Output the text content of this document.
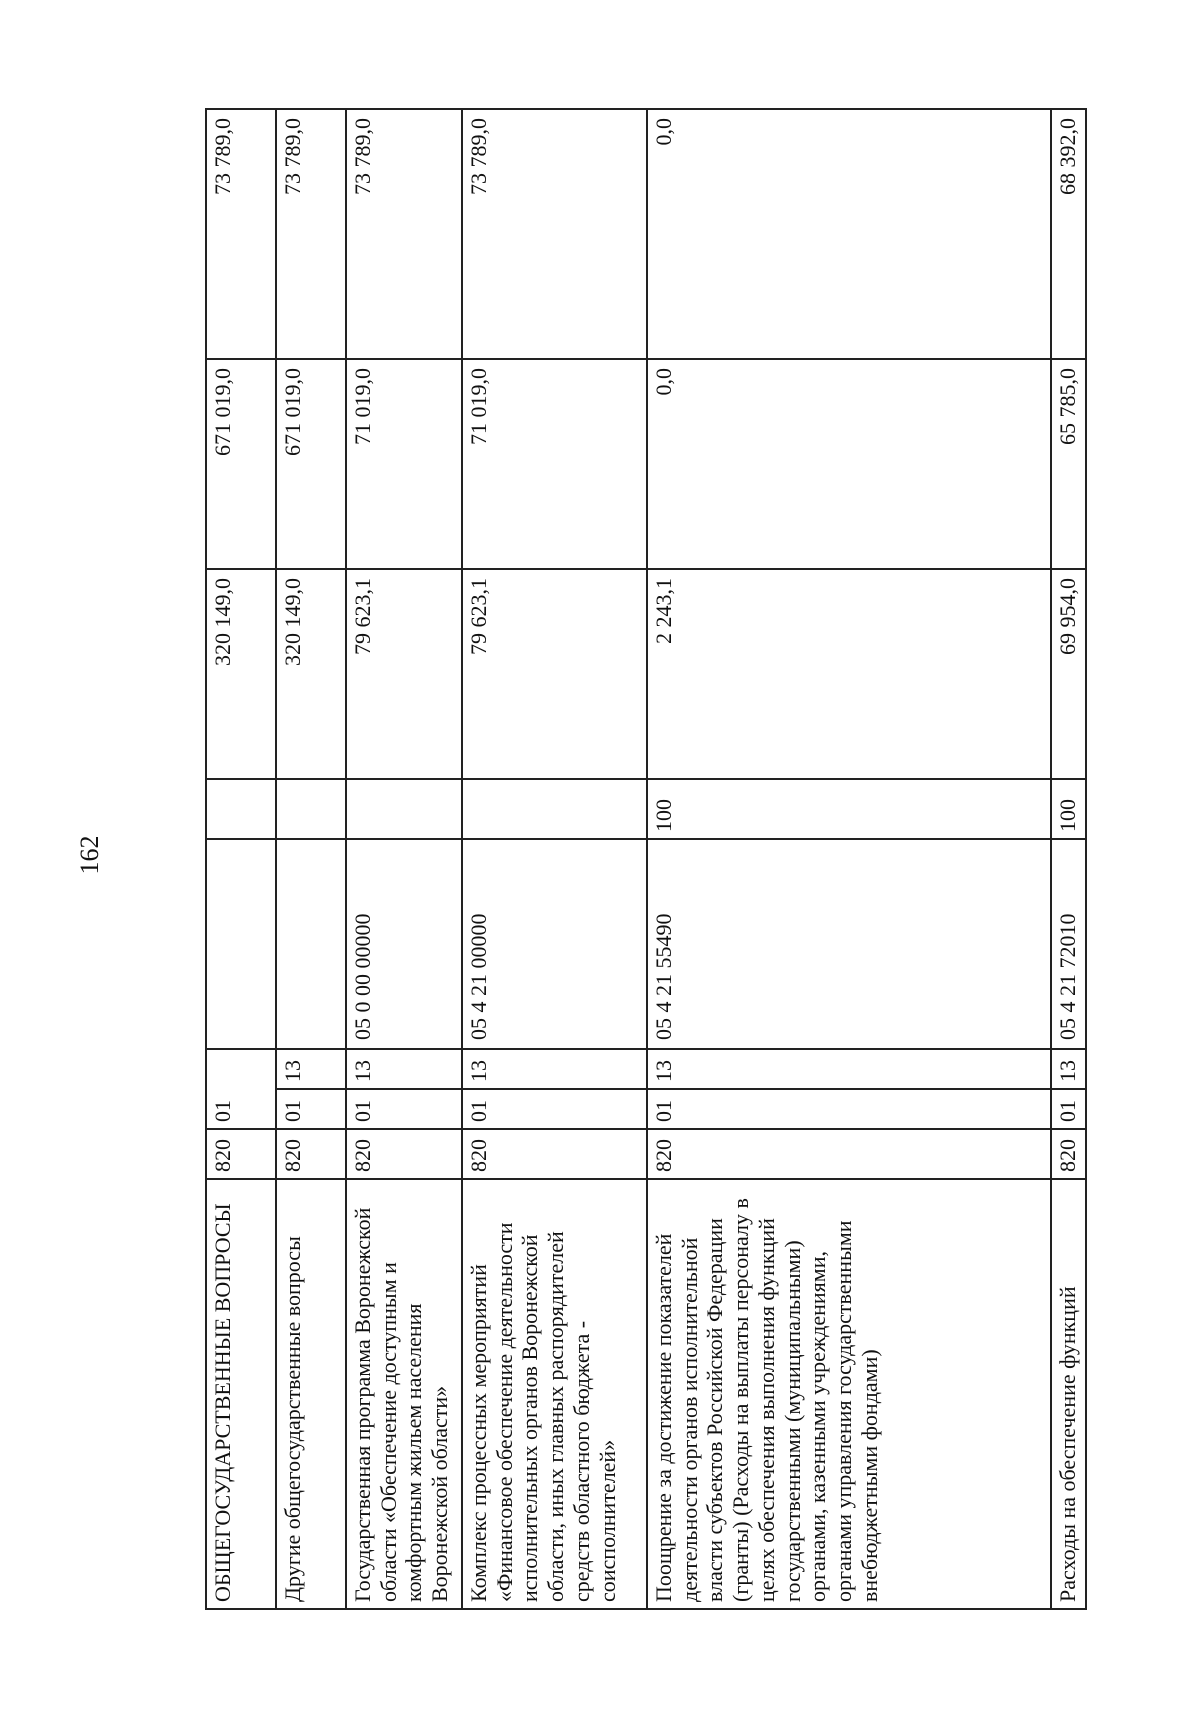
162
ОБЩЕГОСУДАРСТВЕННЫЕ ВОПРОСЫ	820	01				320 149,0	671 019,0	73 789,0
Другие общегосударственные вопросы	820	01	13			320 149,0	671 019,0	73 789,0
Государственная программа Воронежской области «Обеспечение доступным и комфортным жильем населения Воронежской области»	820	01	13	05 0 00 00000		79 623,1	71 019,0	73 789,0
Комплекс процессных мероприятий «Финансовое обеспечение деятельности исполнительных органов Воронежской области, иных главных распорядителей средств областного бюджета - соисполнителей»	820	01	13	05 4 21 00000		79 623,1	71 019,0	73 789,0
Поощрение за достижение показателей деятельности органов исполнительной власти субъектов Российской Федерации (гранты) (Расходы на выплаты персоналу в целях обеспечения выполнения функций государственными (муниципальными) органами, казенными учреждениями, органами управления государственными внебюджетными фондами)	820	01	13	05 4 21 55490	100	2 243,1	0,0	0,0

Расходы на обеспечение функций	820	01	13	05 4 21 72010	100	69 954,0	65 785,0	68 392,0
